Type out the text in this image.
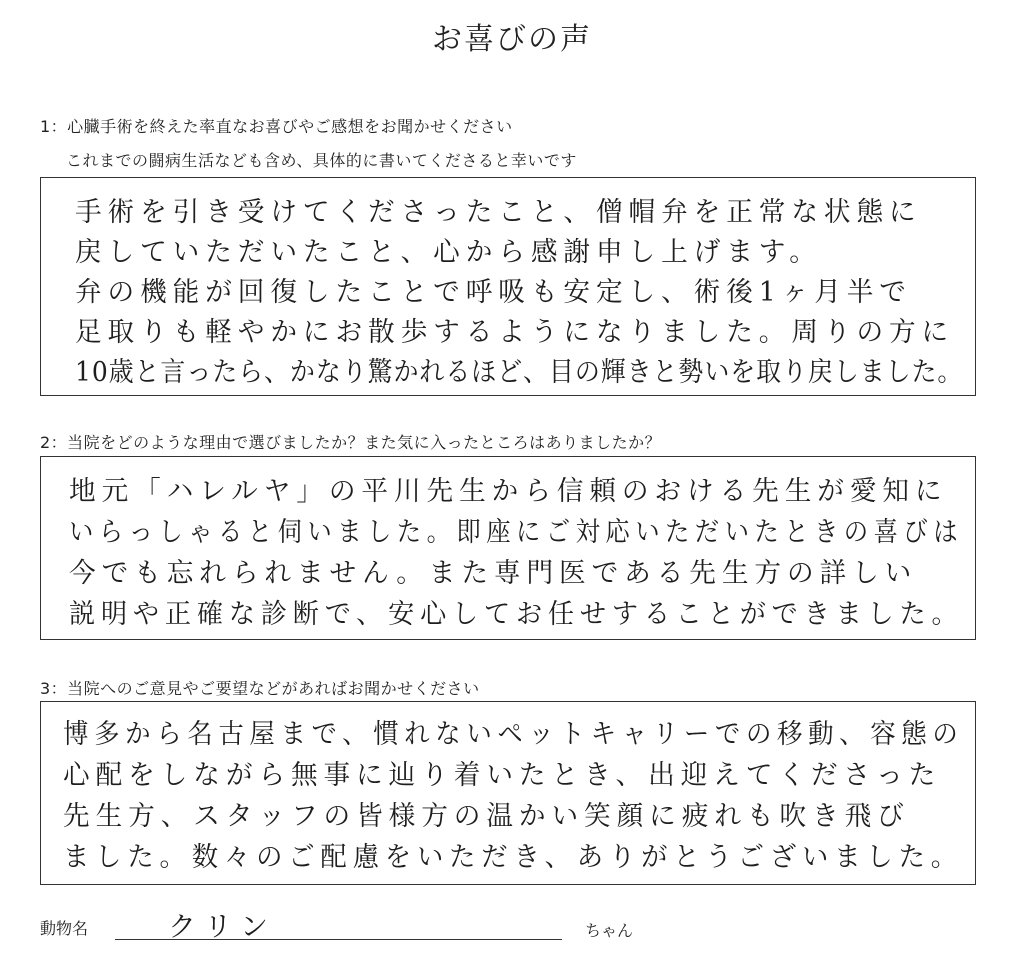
お喜びの声
1：心臓手術を終えた率直なお喜びやご感想をお聞かせください
これまでの闘病生活なども含め、具体的に書いてくださると幸いです
手術を引き受けてくださったこと、僧帽弁を正常な状態に
戻していただいたこと、心から感謝申し上げます。
弁の機能が回復したことで呼吸も安定し、術後1ヶ月半で
足取りも軽やかにお散歩するようになりました。周りの方に
10歳と言ったら、かなり驚かれるほど、目の輝きと勢いを取り戻しました。
2：当院をどのような理由で選びましたか？また気に入ったところはありましたか？
地元「ハレルヤ」の平川先生から信頼のおける先生が愛知に
いらっしゃると伺いました。即座にご対応いただいたときの喜びは
今でも忘れられません。また専門医である先生方の詳しい
説明や正確な診断で、安心してお任せすることができました。
3：当院へのご意見やご要望などがあればお聞かせください
博多から名古屋まで、慣れないペットキャリーでの移動、容態の
心配をしながら無事に辿り着いたとき、出迎えてくださった
先生方、スタッフの皆様方の温かい笑顔に疲れも吹き飛び
ました。数々のご配慮をいただき、ありがとうございました。
動物名	クリン	ちゃん
